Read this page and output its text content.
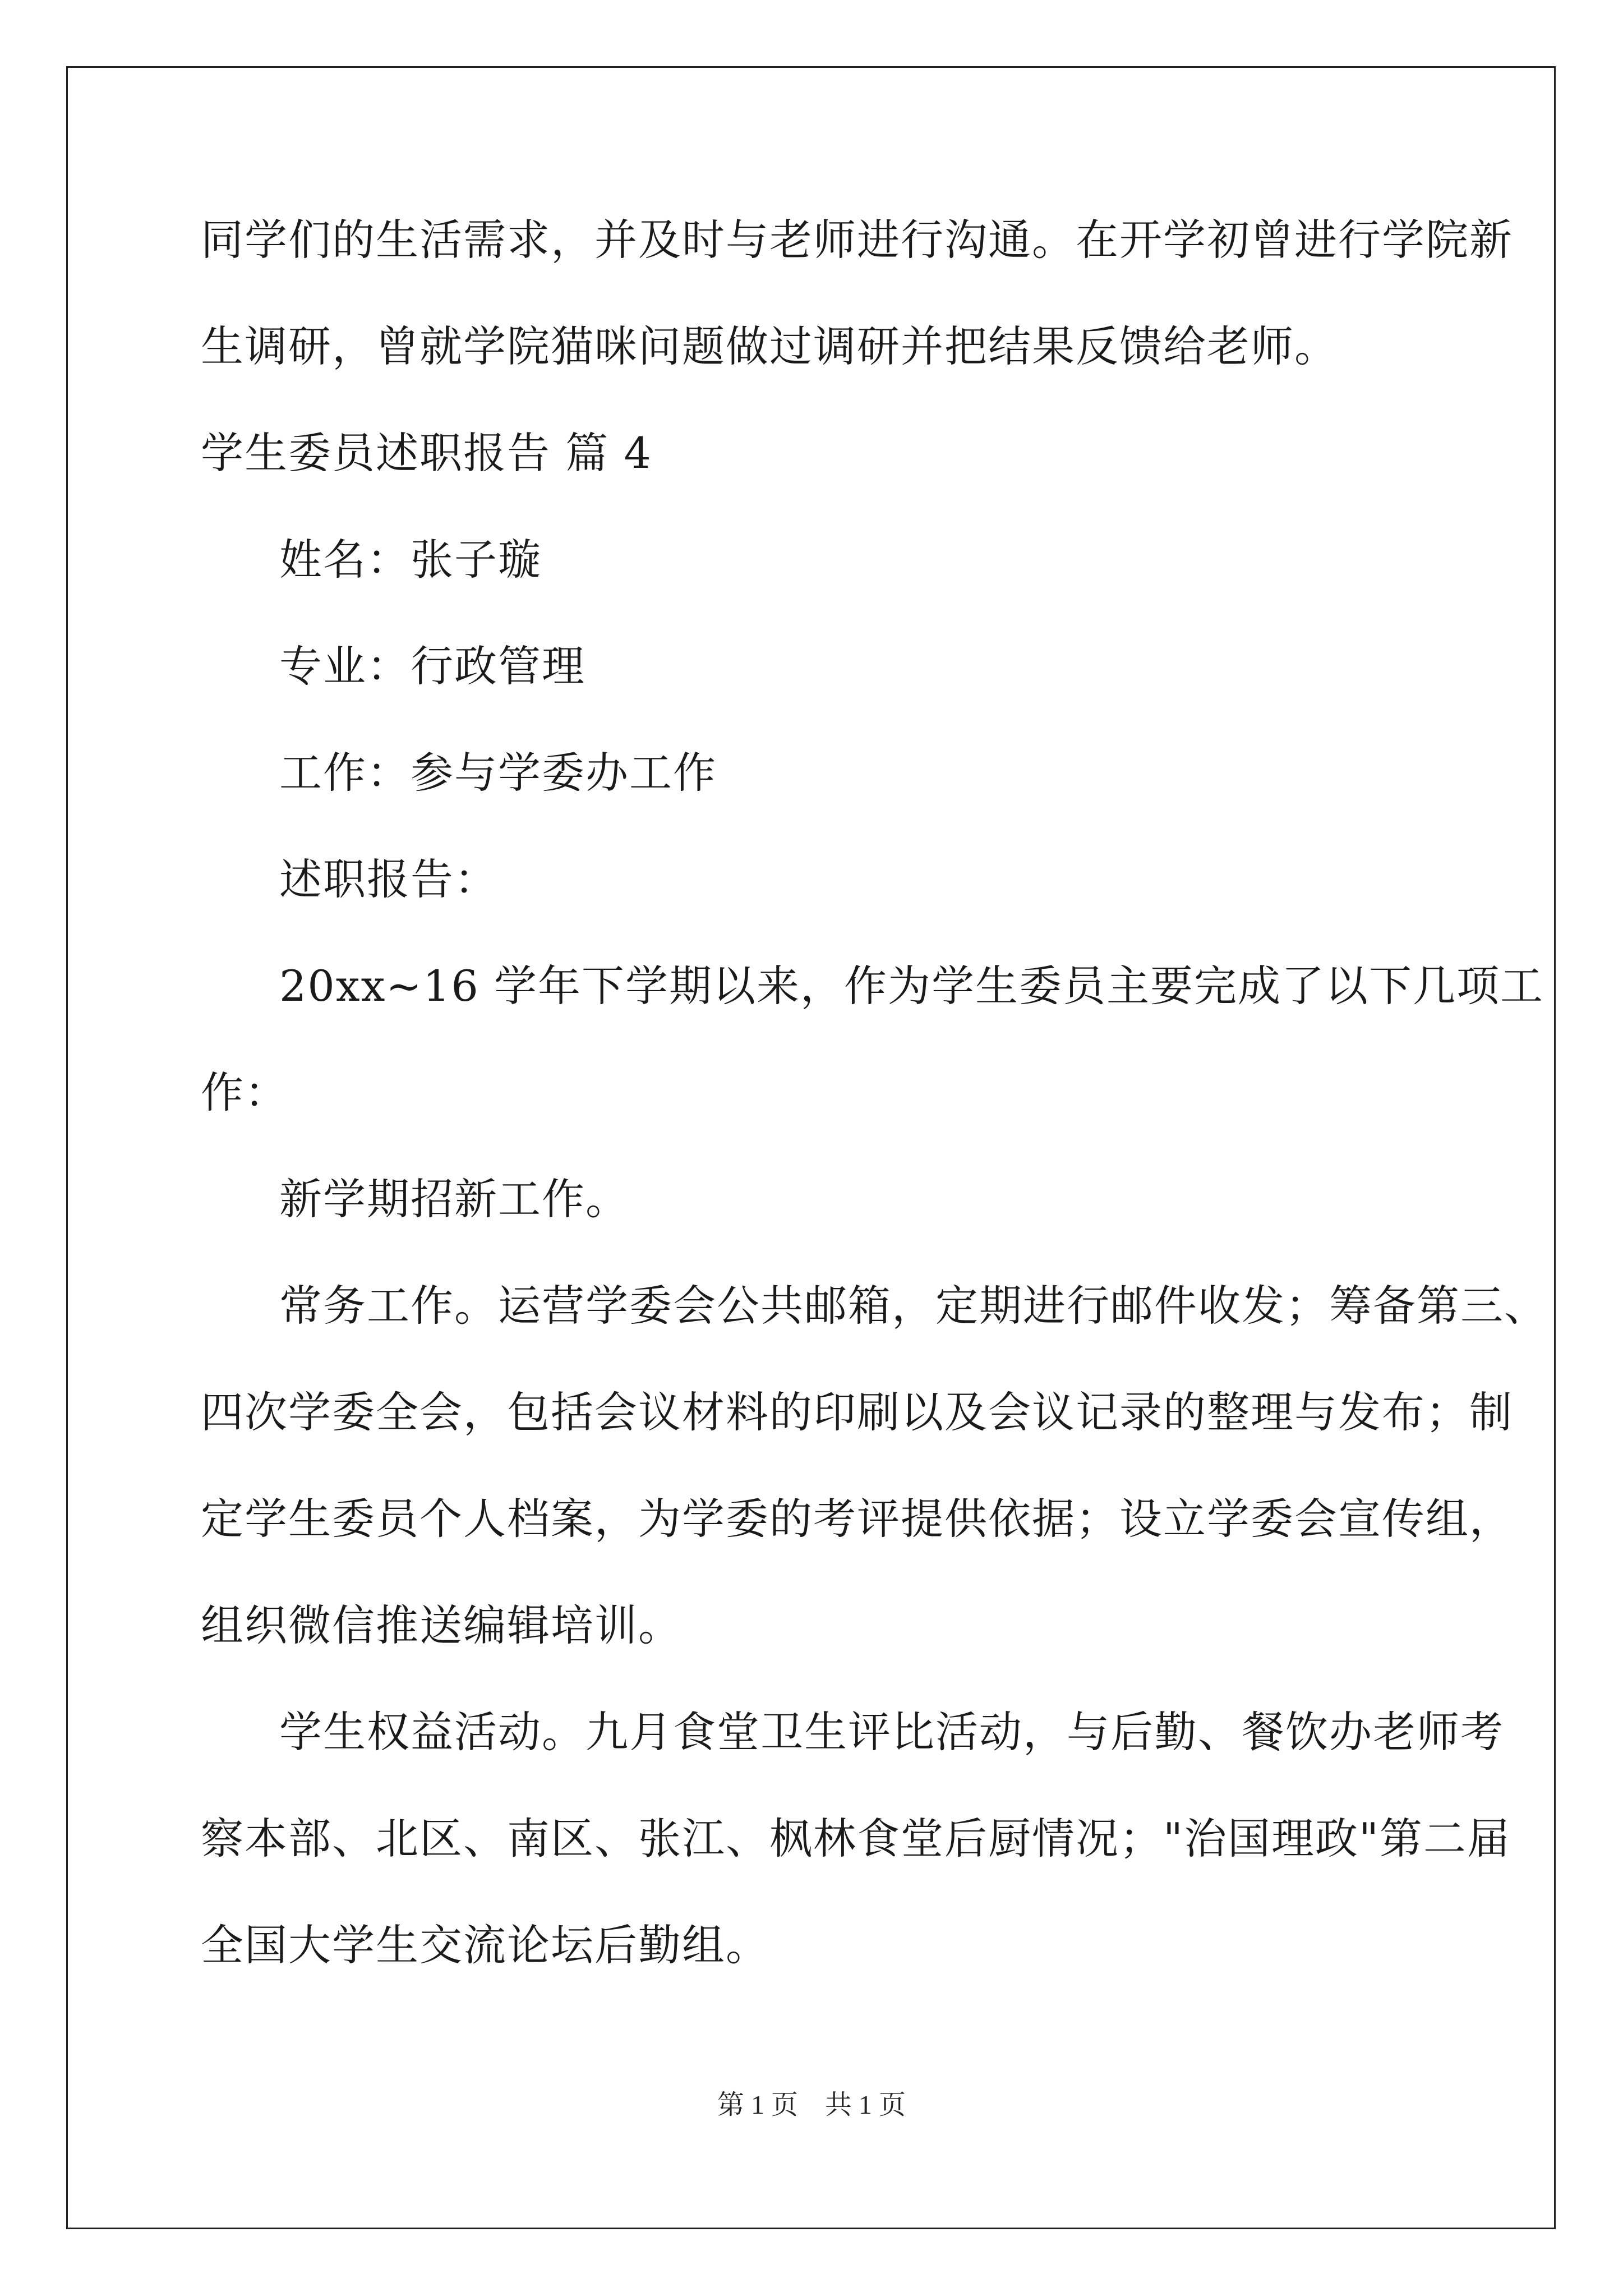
同学们的生活需求，并及时与老师进行沟通。在开学初曾进行学院新

生调研，曾就学院猫咪问题做过调研并把结果反馈给老师。

学生委员述职报告 篇 4

姓名：张子璇

专业：行政管理

工作：参与学委办工作

述职报告：

20xx~16 学年下学期以来，作为学生委员主要完成了以下几项工

作：

新学期招新工作。

常务工作。运营学委会公共邮箱，定期进行邮件收发；筹备第三、

四次学委全会，包括会议材料的印刷以及会议记录的整理与发布；制

定学生委员个人档案，为学委的考评提供依据；设立学委会宣传组，

组织微信推送编辑培训。

学生权益活动。九月食堂卫生评比活动，与后勤、餐饮办老师考

察本部、北区、南区、张江、枫林食堂后厨情况；"治国理政"第二届

全国大学生交流论坛后勤组。

第 1 页　共 1 页
